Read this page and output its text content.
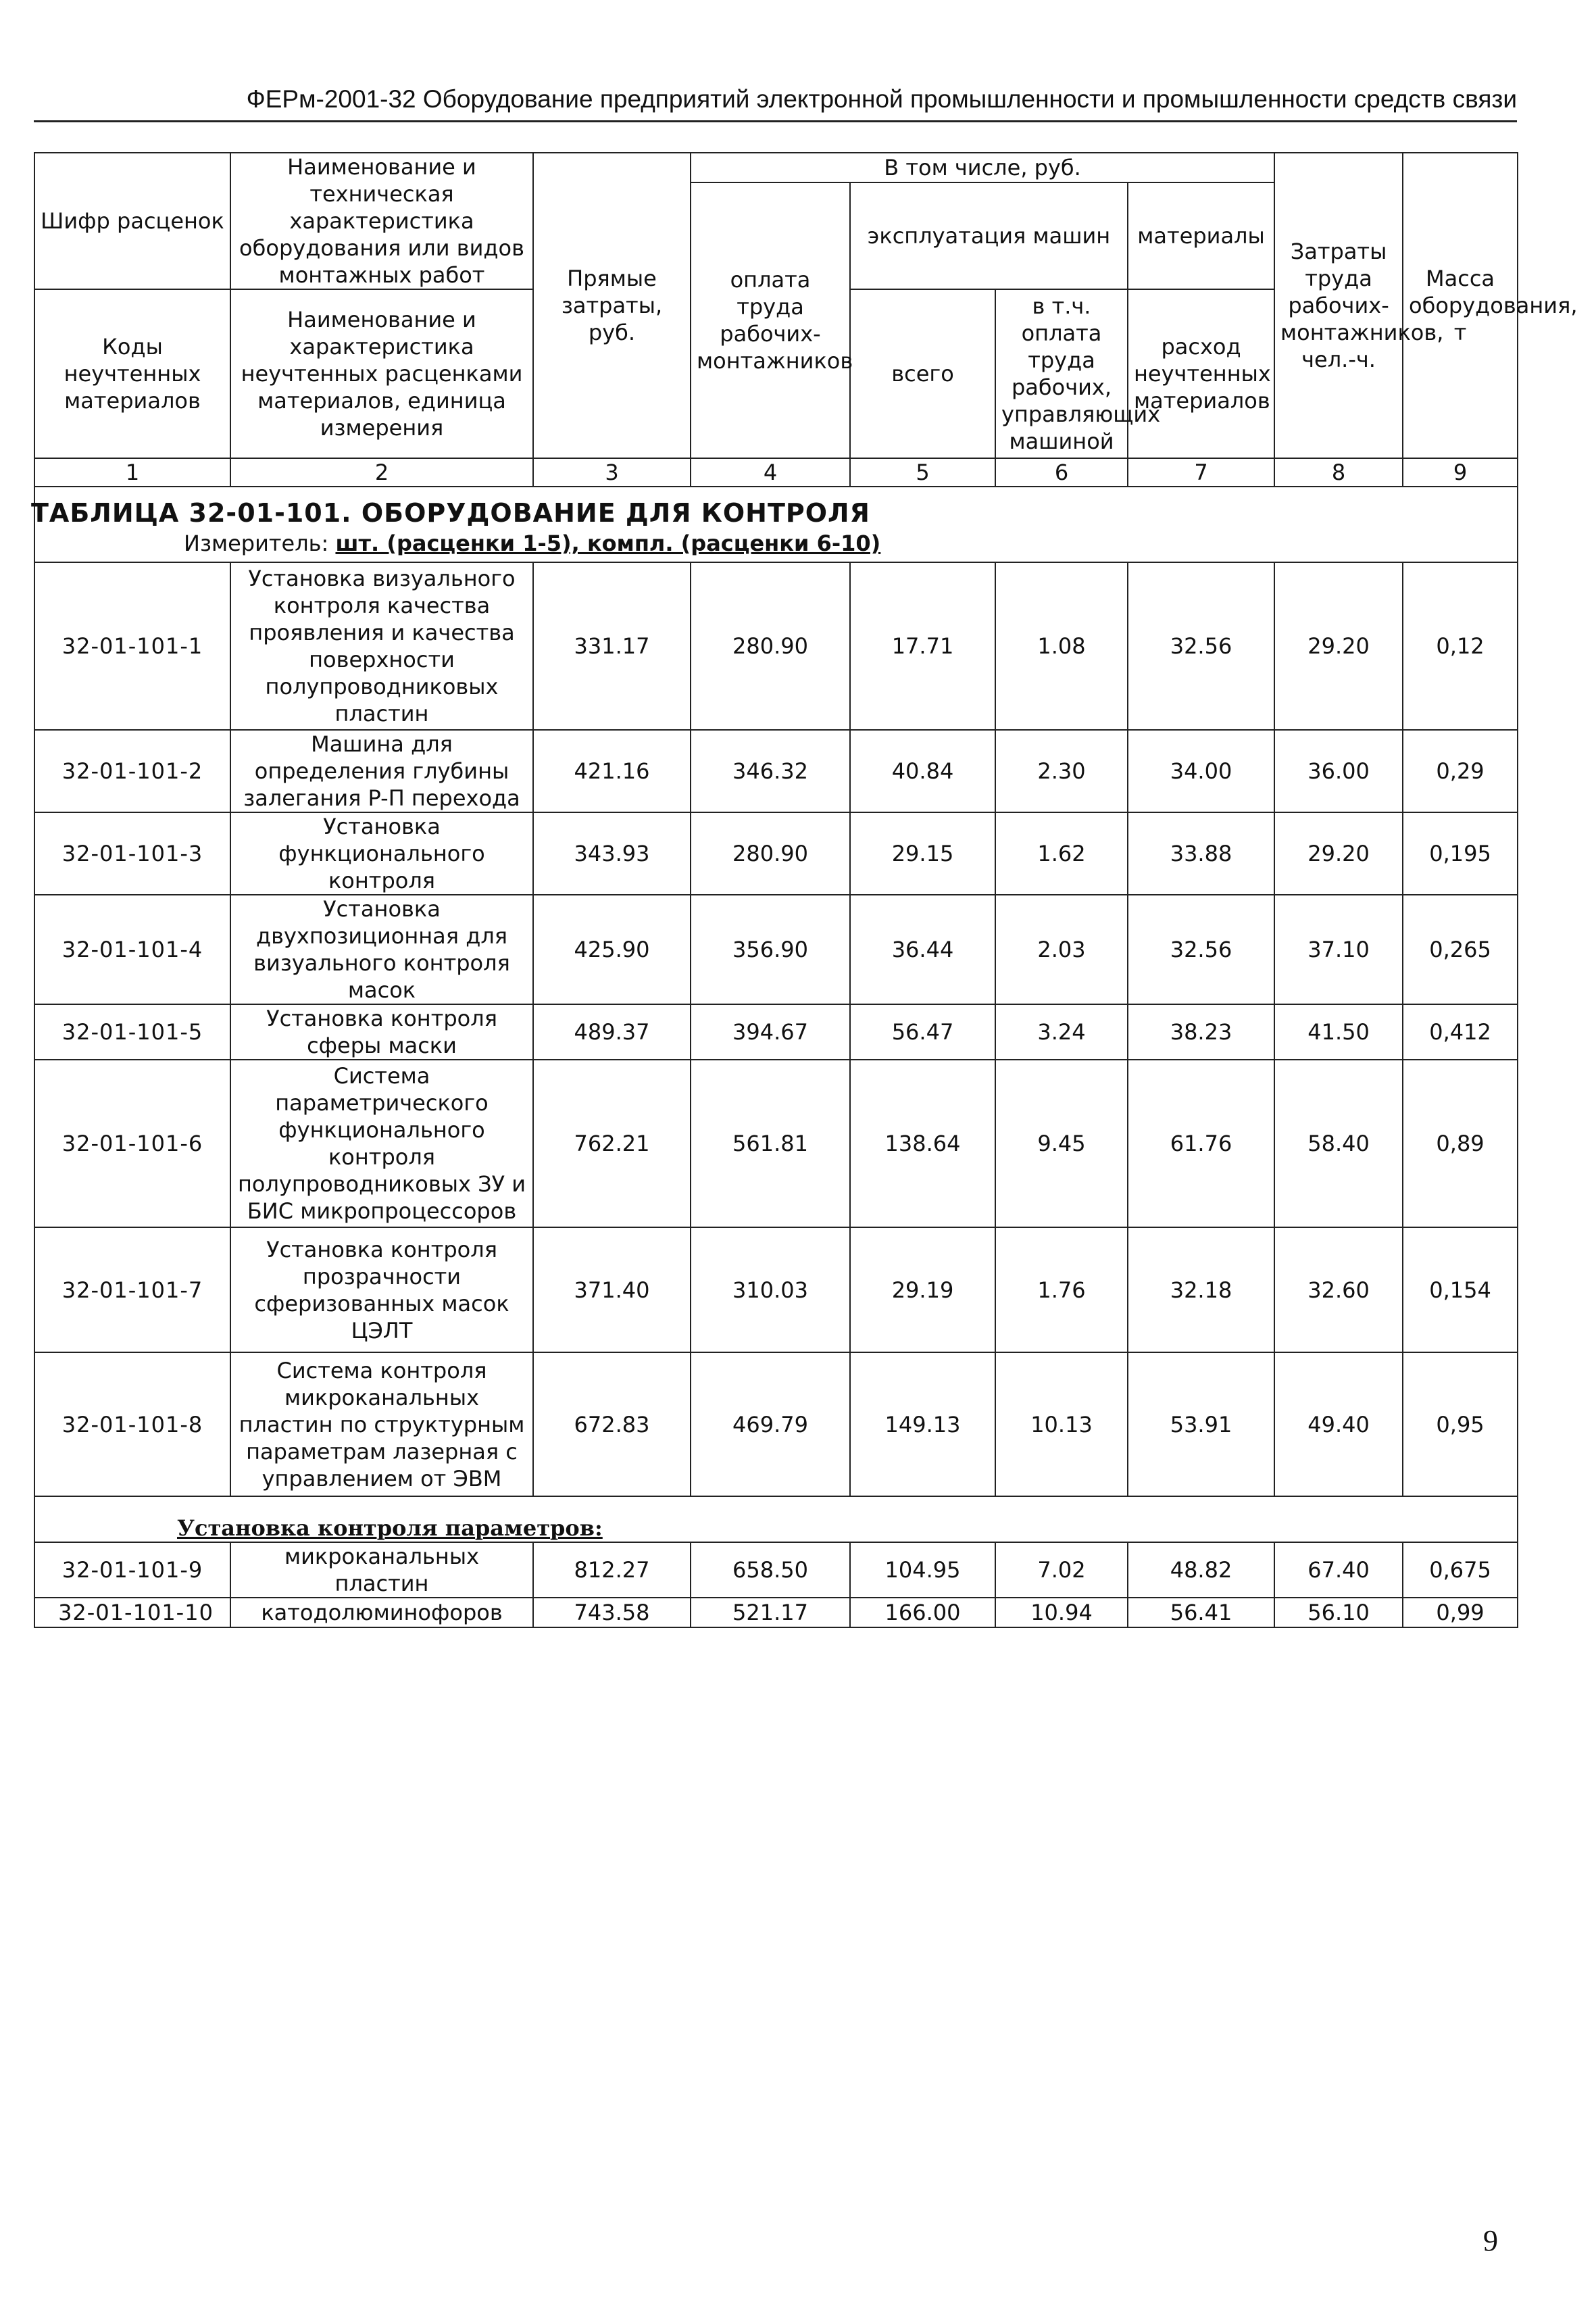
ФЕРм-2001-32 Оборудование предприятий электронной промышленности и промышленности средств связи
Шифр расценок	Наименование и техническая характеристика оборудования или видов монтажных работ	Прямые затраты, руб.	В том числе, руб.				Затраты труда рабочих-монтажников, чел.-ч.	Масса оборудования, т
			оплата труда рабочих-монтажников	эксплуатация машин		материалы		
Коды неучтенных материалов	Наименование и характеристика неучтенных расценками материалов, единица измерения			всего	в т.ч. оплата труда рабочих, управляющих машиной	расход неучтенных материалов		

1	2	3	4	5	6	7	8	9

ТАБЛИЦА 32-01-101. ОБОРУДОВАНИЕ ДЛЯ КОНТРОЛЯ
Измеритель: шт. (расценки 1-5), компл. (расценки 6-10)								

32-01-101-1	Установка визуального контроля качества проявления и качества поверхности полупроводниковых пластин	331.17	280.90	17.71	1.08	32.56	29.20	0,12
32-01-101-2	Машина для определения глубины залегания P-П перехода	421.16	346.32	40.84	2.30	34.00	36.00	0,29
32-01-101-3	Установка функционального контроля	343.93	280.90	29.15	1.62	33.88	29.20	0,195
32-01-101-4	Установка двухпозиционная для визуального контроля масок	425.90	356.90	36.44	2.03	32.56	37.10	0,265
32-01-101-5	Установка контроля сферы маски	489.37	394.67	56.47	3.24	38.23	41.50	0,412
32-01-101-6	Система параметрического функционального контроля полупроводниковых ЗУ и БИС микропроцессоров	762.21	561.81	138.64	9.45	61.76	58.40	0,89
32-01-101-7	Установка контроля прозрачности сферизованных масок ЦЭЛТ	371.40	310.03	29.19	1.76	32.18	32.60	0,154
32-01-101-8	Система контроля микроканальных пластин по структурным параметрам лазерная с управлением от ЭВМ	672.83	469.79	149.13	10.13	53.91	49.40	0,95
Установка контроля параметров:								
32-01-101-9	микроканальных пластин	812.27	658.50	104.95	7.02	48.82	67.40	0,675
32-01-101-10	катодолюминофоров	743.58	521.17	166.00	10.94	56.41	56.10	0,99
9
